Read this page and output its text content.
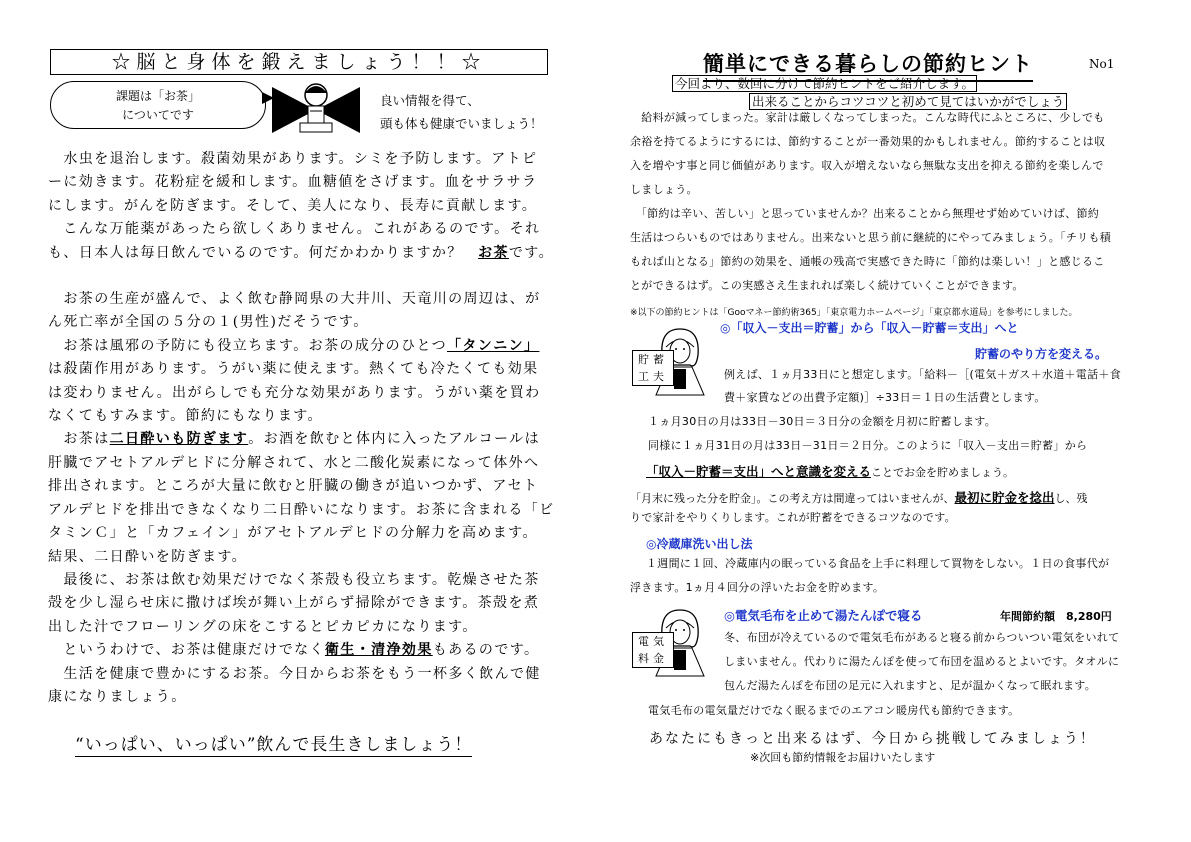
☆脳と身体を鍛えましょう！！☆
課題は「お茶」
についてです
良い情報を得て、
頭も体も健康でいましょう！
　水虫を退治します。殺菌効果があります。シミを予防します。アトピ
ーに効きます。花粉症を緩和します。血糖値をさげます。血をサラサラ
にします。がんを防ぎます。そして、美人になり、長寿に貢献します。
　こんな万能薬があったら欲しくありません。これがあるのです。それ
も、日本人は毎日飲んでいるのです。何だかわかりますか？　お茶です。
　お茶の生産が盛んで、よく飲む静岡県の大井川、天竜川の周辺は、が
ん死亡率が全国の５分の１(男性)だそうです。
　お茶は風邪の予防にも役立ちます。お茶の成分のひとつ「タンニン」
は殺菌作用があります。うがい薬に使えます。熱くても冷たくても効果
は変わりません。出がらしでも充分な効果があります。うがい薬を買わ
なくてもすみます。節約にもなります。
　お茶は二日酔いも防ぎます。お酒を飲むと体内に入ったアルコールは
肝臓でアセトアルデヒドに分解されて、水と二酸化炭素になって体外へ
排出されます。ところが大量に飲むと肝臓の働きが追いつかず、アセト
アルデヒドを排出できなくなり二日酔いになります。お茶に含まれる「ビ
タミンＣ」と「カフェイン」がアセトアルデヒドの分解力を高めます。
結果、二日酔いを防ぎます。
　最後に、お茶は飲む効果だけでなく茶殻も役立ちます。乾燥させた茶
殻を少し湿らせ床に撒けば埃が舞い上がらず掃除ができます。茶殻を煮
出した汁でフローリングの床をこするとピカピカになります。
　というわけで、お茶は健康だけでなく衛生・清浄効果もあるのです。
　生活を健康で豊かにするお茶。今日からお茶をもう一杯多く飲んで健
康になりましょう。
“いっぱい、いっぱい”飲んで長生きしましょう！
簡単にできる暮らしの節約ヒント	No1
今回より、数回に分けて節約ヒントをご紹介します。
出来ることからコツコツと初めて見てはいかがでしょう
　給料が減ってしまった。家計は厳しくなってしまった。こんな時代にふところに、少しでも
余裕を持てるようにするには、節約することが一番効果的かもしれません。節約することは収
入を増やす事と同じ価値があります。収入が増えないなら無駄な支出を抑える節約を楽しんで
しましょう。
　「節約は辛い、苦しい」と思っていませんか？出来ることから無理せず始めていけば、節約
生活はつらいものではありません。出来ないと思う前に継続的にやってみましょう。「チリも積
もれば山となる」節約の効果を、通帳の残高で実感できた時に「節約は楽しい！」と感じるこ
とができるはず。この実感さえ生まれれば楽しく続けていくことができます。
※以下の節約ヒントは「Gooマネー節約術365」「東京電力ホームページ」「東京都水道局」を参考にしました。
◎「収入－支出＝貯蓄」から「収入－貯蓄＝支出」へと
貯蓄のやり方を変える。
貯蓄
工夫	例えば、１ヵ月33日にと想定します。「給料－［(電気＋ガス＋水道＋電話＋食
費＋家賃などの出費予定額)］÷33日＝１日の生活費とします。
１ヵ月30日の月は33日－30日＝３日分の金額を月初に貯蓄します。
同様に１ヵ月31日の月は33日－31日＝２日分。このように「収入－支出＝貯蓄」から
「収入－貯蓄＝支出」へと意識を変えることでお金を貯めましょう。
「月末に残った分を貯金」。この考え方は間違ってはいませんが、最初に貯金を捻出し、残
りで家計をやりくりします。これが貯蓄をできるコツなのです。
◎冷蔵庫洗い出し法
１週間に１回、冷蔵庫内の眠っている食品を上手に料理して買物をしない。１日の食事代が
浮きます。1ヵ月４回分の浮いたお金を貯めます。
◎電気毛布を止めて湯たんぽで寝る	年間節約額　8,280円
電気
料金
冬、布団が冷えているので電気毛布があると寝る前からついつい電気をいれて
しまいません。代わりに湯たんぽを使って布団を温めるとよいです。タオルに
包んだ湯たんぽを布団の足元に入れますと、足が温かくなって眠れます。
電気毛布の電気量だけでなく眠るまでのエアコン暖房代も節約できます。
あなたにもきっと出来るはず、今日から挑戦してみましょう！
※次回も節約情報をお届けいたします
